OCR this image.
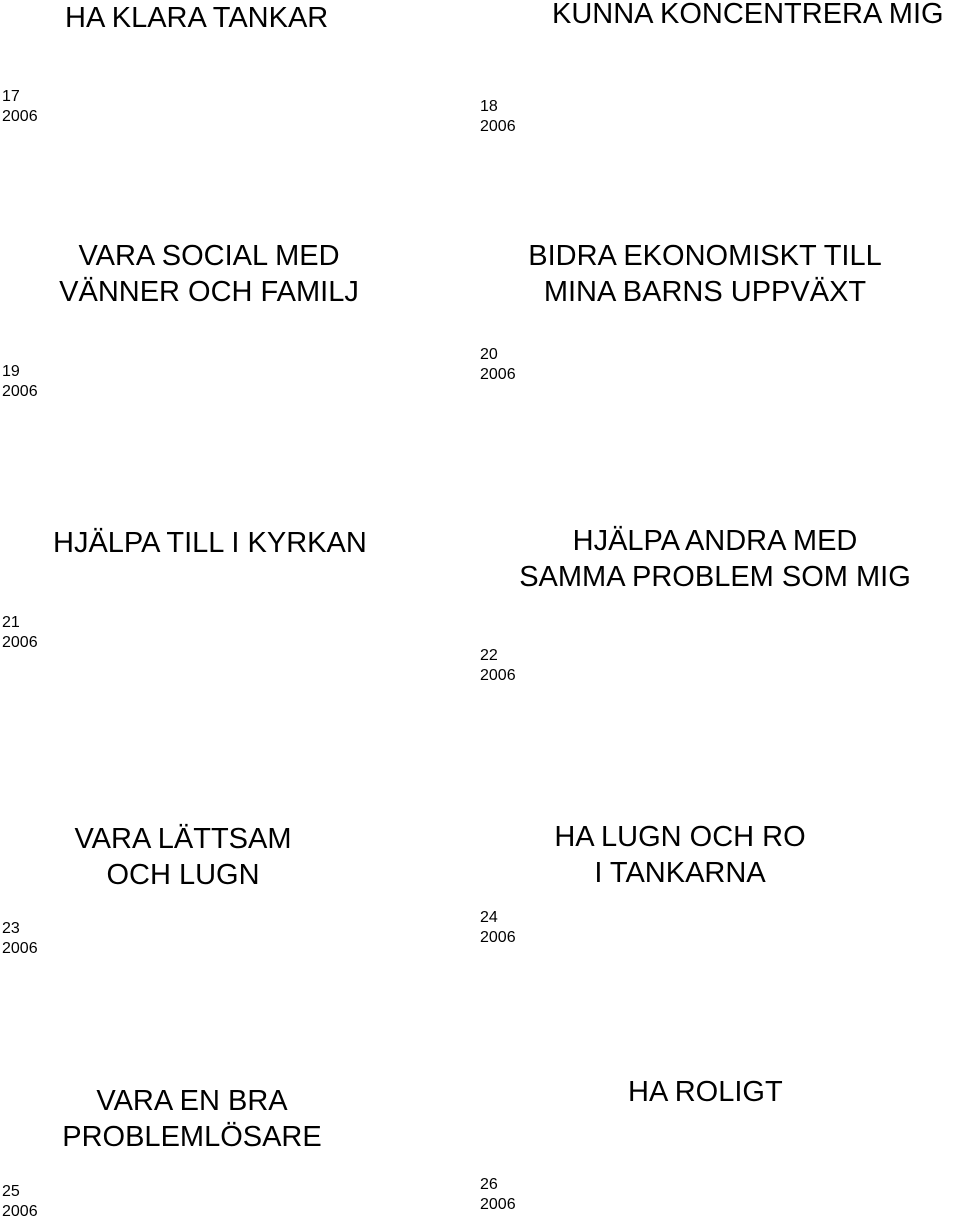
HA KLARA TANKAR
17
2006
KUNNA KONCENTRERA MIG
18
2006
VARA SOCIAL MED
VÄNNER OCH FAMILJ
19
2006
BIDRA EKONOMISKT TILL
MINA BARNS UPPVÄXT
20
2006
HJÄLPA TILL I KYRKAN
21
2006
HJÄLPA ANDRA MED
SAMMA PROBLEM SOM MIG
22
2006
VARA LÄTTSAM
OCH LUGN
23
2006
HA LUGN OCH RO
I TANKARNA
24
2006
VARA EN BRA
PROBLEMLÖSARE
25
2006
HA ROLIGT
26
2006
